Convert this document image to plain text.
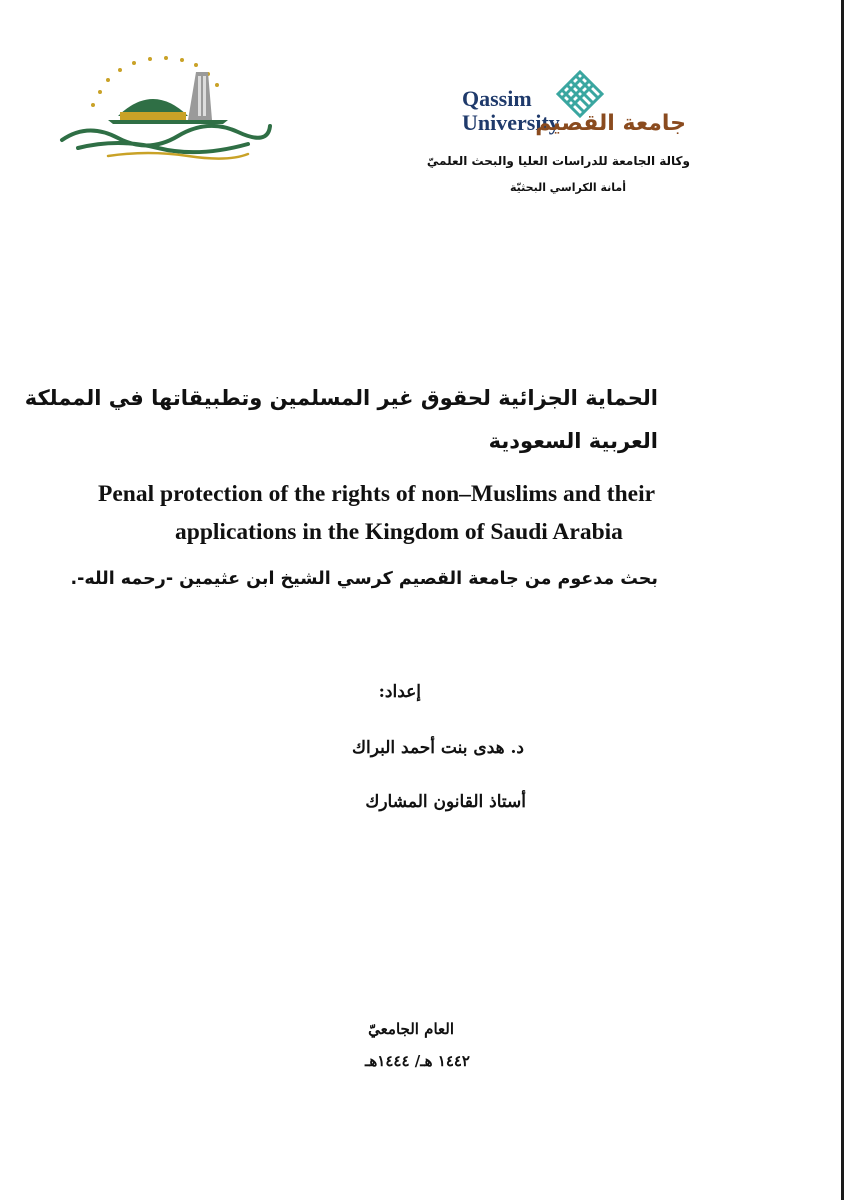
Qassim
University
جامعة القصيم
وكالة الجامعة للدراسات العليا والبحث العلميّ
أمانة الكراسي البحثيّة
الحماية الجزائية لحقوق غير المسلمين وتطبيقاتها في المملكة
العربية السعودية
Penal protection of the rights of non–Muslims and their
applications in the Kingdom of Saudi Arabia
بحث مدعوم من جامعة القصيم كرسي الشيخ ابن عثيمين -رحمه الله-.
إعداد:
د. هدى بنت أحمد البراك
أستاذ القانون المشارك
العام الجامعيّ
١٤٤٢ هـ/ ١٤٤٤هـ
